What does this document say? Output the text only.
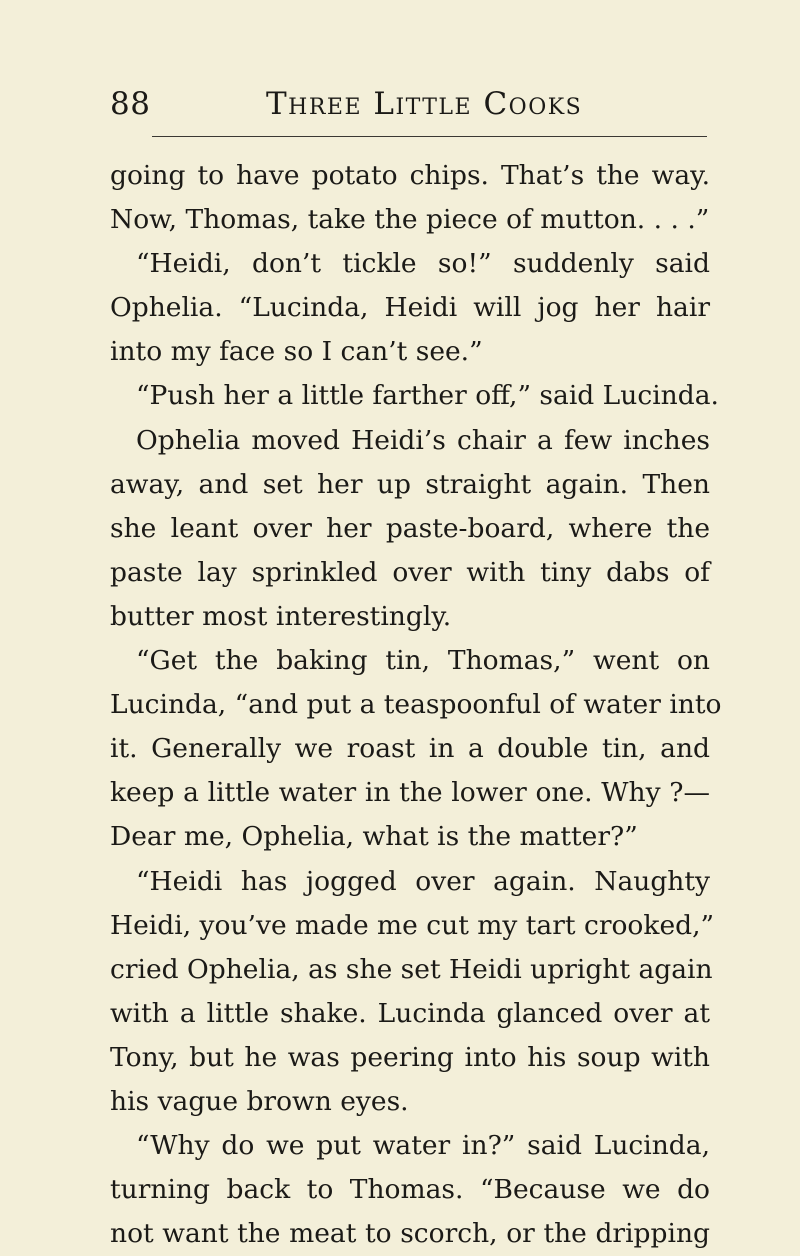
88	Three Little Cooks
going to have potato chips. That’s the way.
Now, Thomas, take the piece of mutton. . . .”
“Heidi, don’t tickle so!” suddenly said
Ophelia. “Lucinda, Heidi will jog her hair
into my face so I can’t see.”
“Push her a little farther off,” said Lucinda.
Ophelia moved Heidi’s chair a few inches
away, and set her up straight again. Then
she leant over her paste-board, where the
paste lay sprinkled over with tiny dabs of
butter most interestingly.
“Get the baking tin, Thomas,” went on
Lucinda, “and put a teaspoonful of water into
it. Generally we roast in a double tin, and
keep a little water in the lower one. Why ?—
Dear me, Ophelia, what is the matter?”
“Heidi has jogged over again. Naughty
Heidi, you’ve made me cut my tart crooked,”
cried Ophelia, as she set Heidi upright again
with a little shake. Lucinda glanced over at
Tony, but he was peering into his soup with
his vague brown eyes.
“Why do we put water in?” said Lucinda,
turning back to Thomas. “Because we do
not want the meat to scorch, or the dripping
